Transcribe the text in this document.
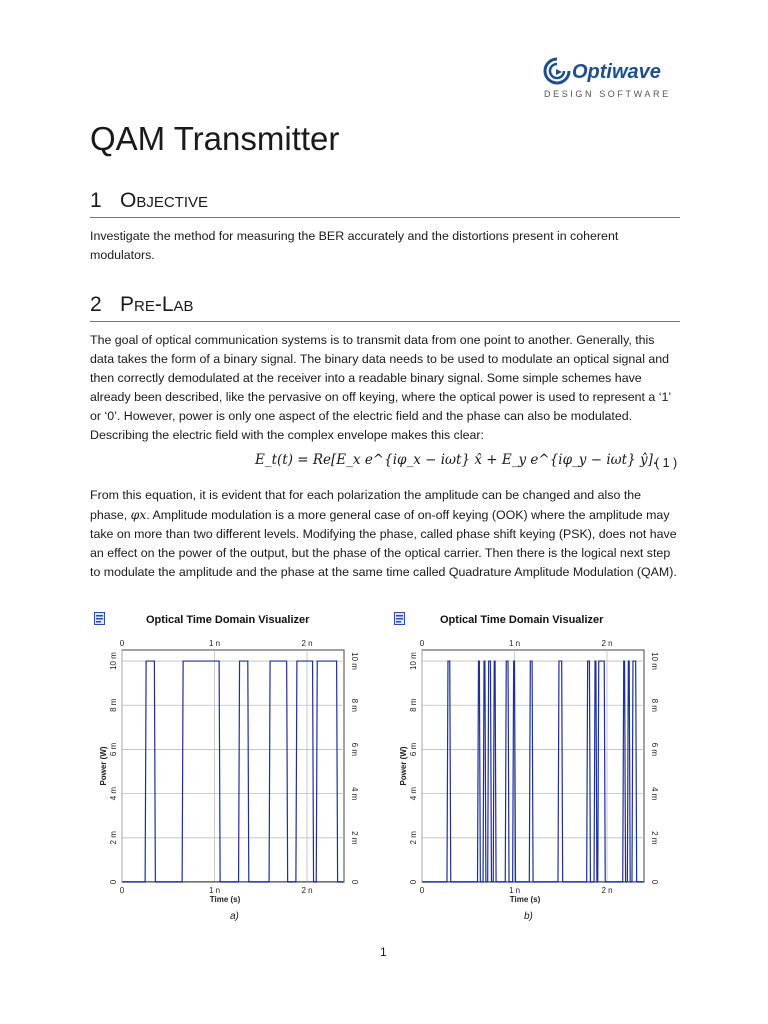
Optiwave
DESIGN SOFTWARE
QAM Transmitter
1 Objective

Investigate the method for measuring the BER accurately and the distortions present in coherent modulators.

2 Pre-Lab

The goal of optical communication systems is to transmit data from one point to another. Generally, this data takes the form of a binary signal. The binary data needs to be used to modulate an optical signal and then correctly demodulated at the receiver into a readable binary signal. Some simple schemes have already been described, like the pervasive on off keying, where the optical power is used to represent a ‘1’ or ‘0’. However, power is only one aspect of the electric field and the phase can also be modulated. Describing the electric field with the complex envelope makes this clear:

E_t(t) = Re[E_x e^{iφ_x − iωt} x̂ + E_y e^{iφ_y − iωt} ŷ].
( 1 )

From this equation, it is evident that for each polarization the amplitude can be changed and also the phase, φx. Amplitude modulation is a more general case of on-off keying (OOK) where the amplitude may take on more than two different levels. Modifying the phase, called phase shift keying (PSK), does not have an effect on the power of the output, but the phase of the optical carrier. Then there is the logical next step to modulate the amplitude and the phase at the same time called Quadrature Amplitude Modulation (QAM).

Optical Time Domain Visualizer
0
0
1 n
1 n
2 n
2 n
0	0
2 m	2 m
4 m	4 m
6 m	6 m
8 m	8 m
10 m	10 m
Time (s)
Power (W)
a)
Optical Time Domain Visualizer
0
0
1 n
1 n
2 n
2 n
0	0
2 m	2 m
4 m	4 m
6 m	6 m
8 m	8 m
10 m	10 m
Time (s)
Power (W)
b)
1
